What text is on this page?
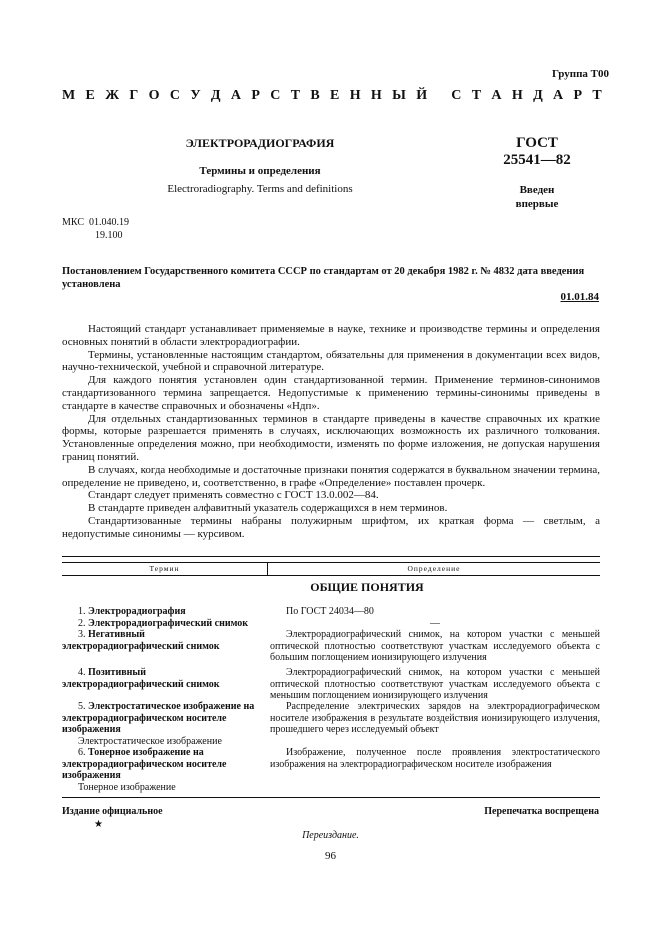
Группа Т00
М Е Ж Г О С У Д А Р С Т В Е Н Н Ы Й
С Т А Н Д А Р Т
ЭЛЕКТРОРАДИОГРАФИЯ
Термины и определения
Electroradiography. Terms and definitions
ГОСТ
25541—82
Введен
впервые
МКС 01.040.19
19.100
Постановлением Государственного комитета СССР по стандартам от 20 декабря 1982 г. № 4832 дата введения установлена
01.01.84

Настоящий стандарт устанавливает применяемые в науке, технике и производстве термины и определения основных понятий в области электрорадиографии.

Термины, установленные настоящим стандартом, обязательны для применения в документации всех видов, научно-технической, учебной и справочной литературе.

Для каждого понятия установлен один стандартизованной термин. Применение терминов-синонимов стандартизованного термина запрещается. Недопустимые к применению термины-синонимы приведены в стандарте в качестве справочных и обозначены «Ндп».

Для отдельных стандартизованных терминов в стандарте приведены в качестве справочных их краткие формы, которые разрешается применять в случаях, исключающих возможность их различного толкования. Установленные определения можно, при необходимости, изменять по форме изложения, не допуская нарушения границ понятий.

В случаях, когда необходимые и достаточные признаки понятия содержатся в буквальном значении термина, определение не приведено, и, соответственно, в графе «Определение» поставлен прочерк.

Стандарт следует применять совместно с ГОСТ 13.0.002—84.

В стандарте приведен алфавитный указатель содержащихся в нем терминов.

Стандартизованные термины набраны полужирным шрифтом, их краткая форма — светлым, а недопустимые синонимы — курсивом.

Термин	Определение
ОБЩИЕ ПОНЯТИЯ
1. Электрорадиография
2. Электрорадиографический снимок
3. Негативный электрорадиографический снимок
4. Позитивный электрорадиографический снимок
5. Электростатическое изображение на электрорадиографическом носителе изображения
Электростатическое изображение
6. Тонерное изображение на электрорадиографическом носителе изображения
Тонерное изображение
По ГОСТ 24034—80
—
Электрорадиографический снимок, на котором участки с меньшей оптической плотностью соответствуют участкам исследуемого объекта с большим поглощением ионизирующего излучения
Электрорадиографический снимок, на котором участки с меньшей оптической плотностью соответствуют участкам исследуемого объекта с меньшим поглощением ионизирующего излучения
Распределение электрических зарядов на электрорадиографическом носителе изображения в результате воздействия ионизирующего излучения, прошедшего через исследуемый объект
Изображение, полученное после проявления электростатического изображения на электрорадиографическом носителе изображения
Издание официальное
★
Перепечатка воспрещена
Переиздание.
96
